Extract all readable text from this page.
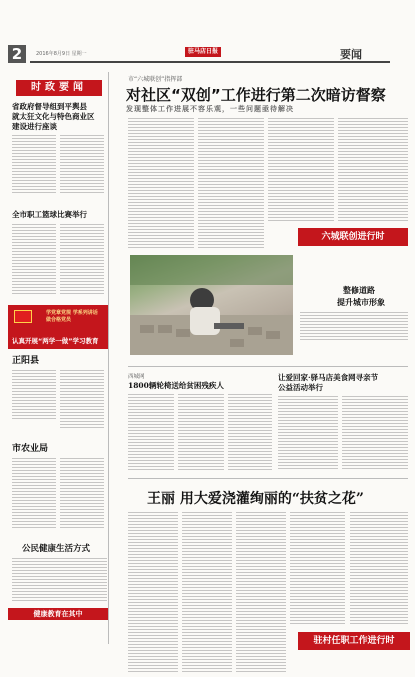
2	2016年8月9日 星期一	驻马店日报	要闻
时政要闻
省政府督导组到平舆县
就太狂文化与特色商业区
建设进行座谈
全市职工篮球比赛举行
学党章党规 学系列讲话
做合格党员
认真开展“两学一做”学习教育
正阳县
市农业局
公民健康生活方式
健康教育在其中
市“六城联创”指挥部
对社区“双创”工作进行第二次暗访督察
发现整体工作进展不容乐观，一些问题亟待解决
六城联创进行时
整修道路
提升城市形象
西城网
1800辆轮椅送给贫困残疾人
让爱回家·驿马店美食网寻亲节
公益活动举行
王丽 用大爱浇灌绚丽的“扶贫之花”
驻村任职工作进行时
